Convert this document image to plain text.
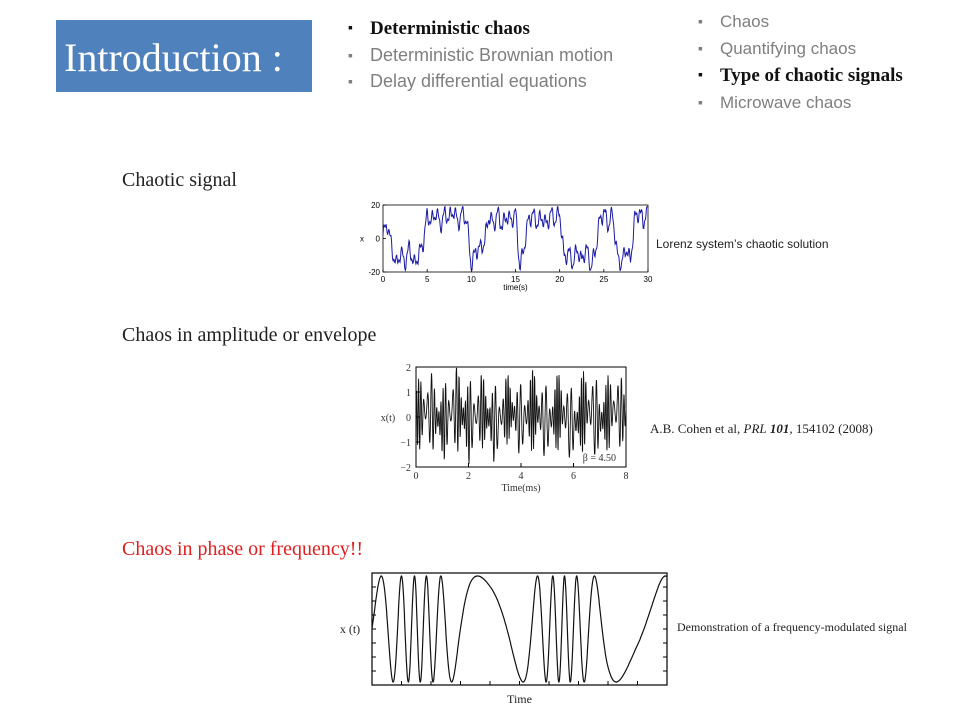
Introduction :
▪ Deterministic chaos
▪ Deterministic Brownian motion
▪ Delay differential equations
▪ Chaos
▪ Quantifying chaos
▪ Type of chaotic signals
▪ Microwave chaos
Chaotic signal
Chaos in amplitude or envelope
Chaos in phase or frequency!!
Lorenz system’s chaotic solution
A.B. Cohen et al, PRL 101, 154102 (2008)
Demonstration of a frequency-modulated signal
0	5	10	15	20	25	30
20
0
-20
time(s)
x
0	2	4	6	8
2
1
0
−1
−2
β = 4.50
Time(ms)
x(t)
Time
x (t)
